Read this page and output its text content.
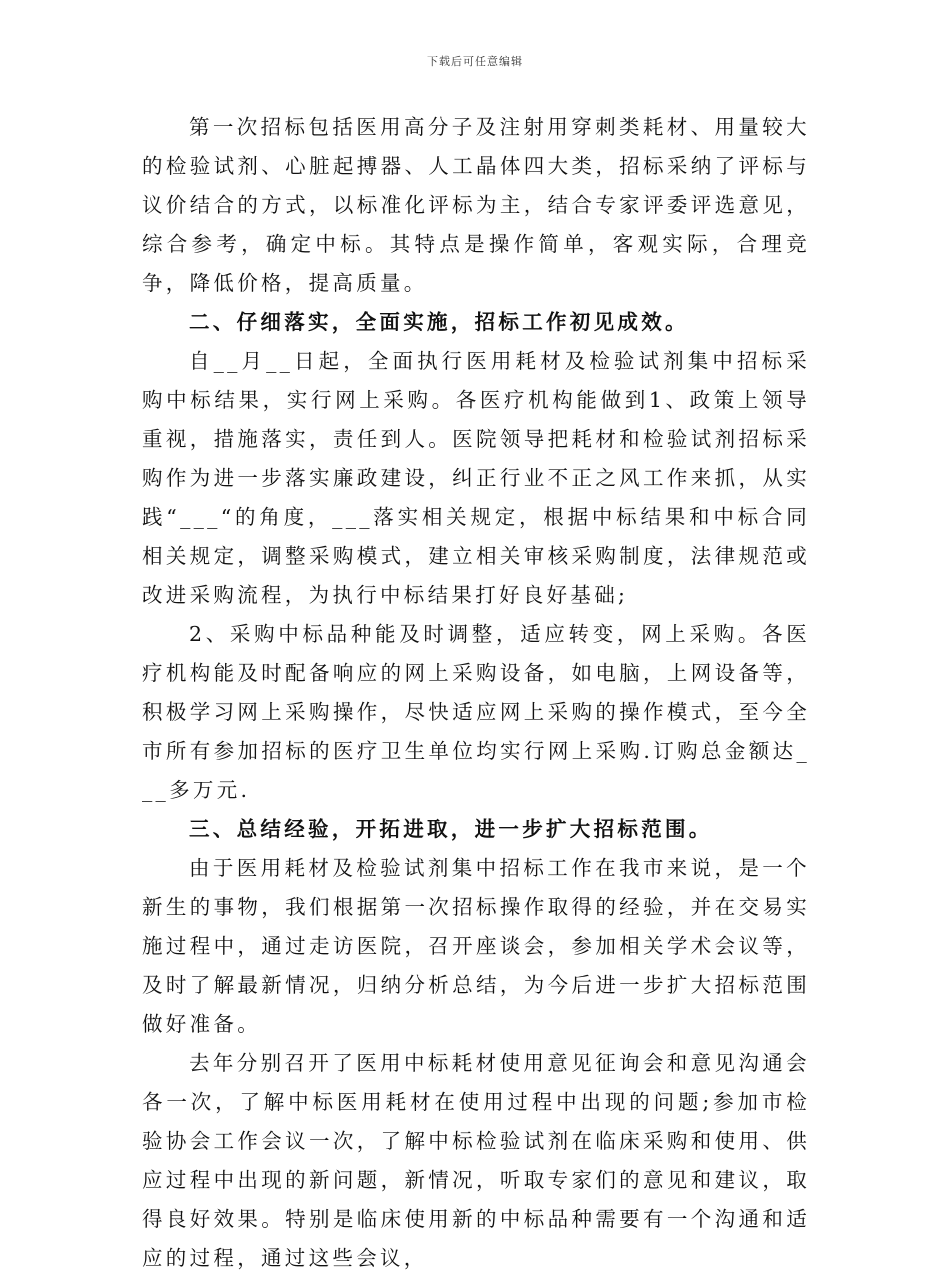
下载后可任意编辑

第一次招标包括医用高分子及注射用穿刺类耗材、用量较大的检验试剂、心脏起搏器、人工晶体四大类，招标采纳了评标与议价结合的方式，以标准化评标为主，结合专家评委评选意见，综合参考，确定中标。其特点是操作简单，客观实际，合理竞争，降低价格，提高质量。

二、仔细落实，全面实施，招标工作初见成效。

自__月__日起，全面执行医用耗材及检验试剂集中招标采购中标结果，实行网上采购。各医疗机构能做到1、政策上领导重视，措施落实，责任到人。医院领导把耗材和检验试剂招标采购作为进一步落实廉政建设，纠正行业不正之风工作来抓，从实践“___“的角度，___落实相关规定，根据中标结果和中标合同相关规定，调整采购模式，建立相关审核采购制度，法律规范或改进采购流程，为执行中标结果打好良好基础;

2、采购中标品种能及时调整，适应转变，网上采购。各医疗机构能及时配备响应的网上采购设备，如电脑，上网设备等，积极学习网上采购操作，尽快适应网上采购的操作模式，至今全市所有参加招标的医疗卫生单位均实行网上采购.订购总金额达___多万元.

三、总结经验，开拓进取，进一步扩大招标范围。

由于医用耗材及检验试剂集中招标工作在我市来说，是一个新生的事物，我们根据第一次招标操作取得的经验，并在交易实施过程中，通过走访医院，召开座谈会，参加相关学术会议等，及时了解最新情况，归纳分析总结，为今后进一步扩大招标范围做好准备。

去年分别召开了医用中标耗材使用意见征询会和意见沟通会各一次，了解中标医用耗材在使用过程中出现的问题;参加市检验协会工作会议一次，了解中标检验试剂在临床采购和使用、供应过程中出现的新问题，新情况，听取专家们的意见和建议，取得良好效果。特别是临床使用新的中标品种需要有一个沟通和适应的过程，通过这些会议，
